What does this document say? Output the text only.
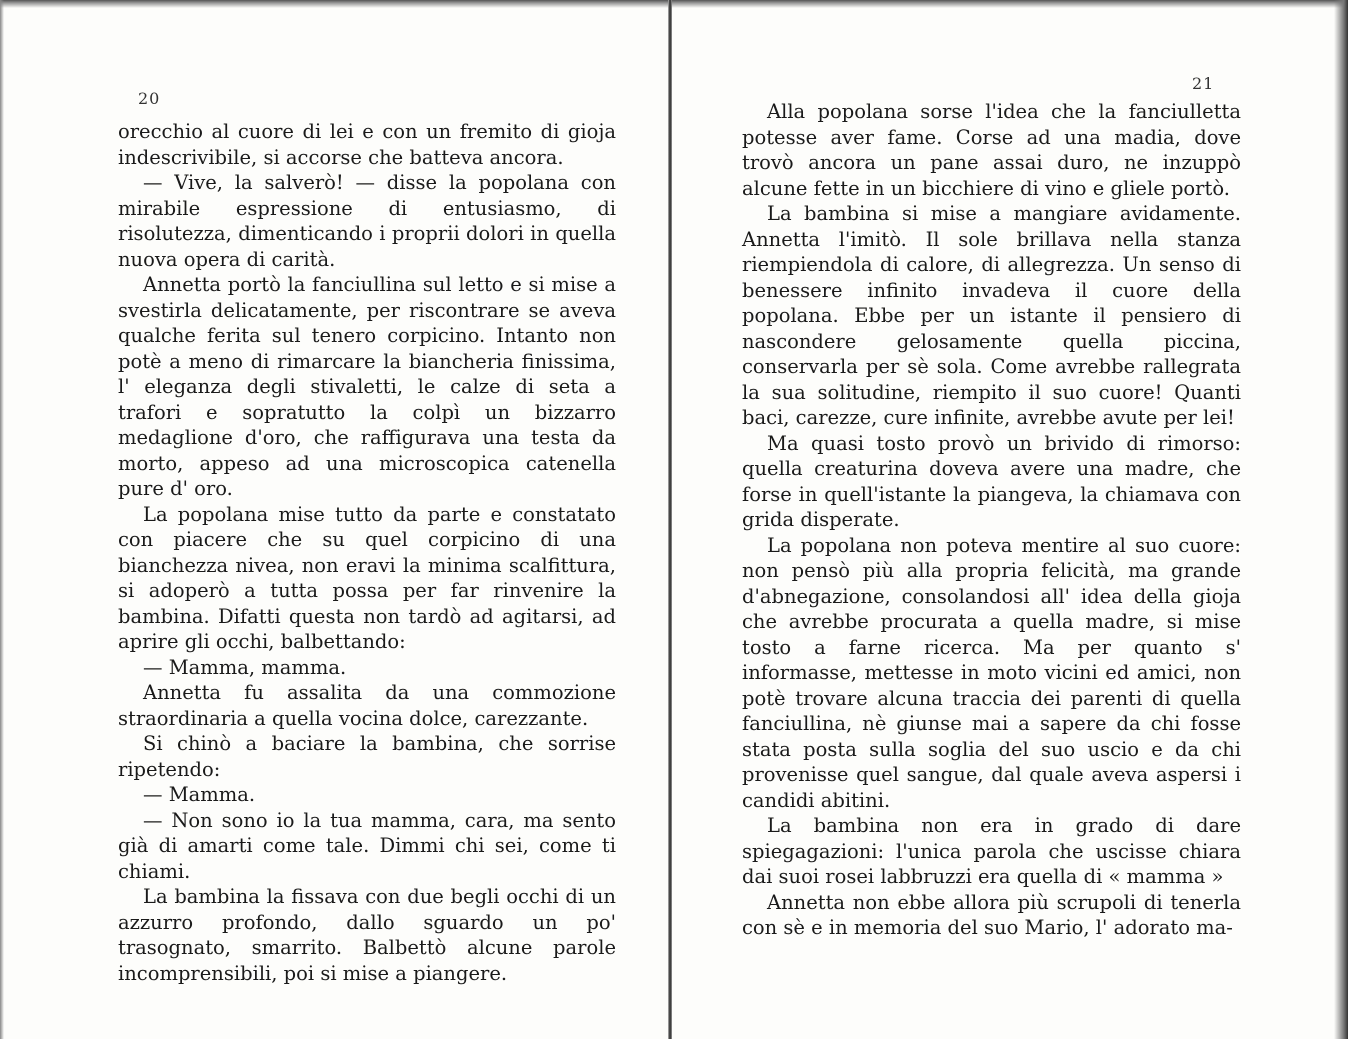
20

orecchio al cuore di lei e con un fremito di gioja indescrivibile, si accorse che batteva ancora.

— Vive, la salverò! — disse la popolana con mirabile espressione di entusiasmo, di risolutezza, dimenticando i proprii dolori in quella nuova opera di carità.

Annetta portò la fanciullina sul letto e si mise a svestirla delicatamente, per riscontrare se aveva qualche ferita sul tenero corpicino. Intanto non potè a meno di rimarcare la biancheria finissima, l' eleganza degli stivaletti, le calze di seta a trafori e sopratutto la colpì un bizzarro medaglione d'oro, che raffigurava una testa da morto, appeso ad una microscopica catenella pure d' oro.

La popolana mise tutto da parte e constatato con piacere che su quel corpicino di una bianchezza nivea, non eravi la minima scalfittura, si adoperò a tutta possa per far rinvenire la bambina. Difatti questa non tardò ad agitarsi, ad aprire gli occhi, balbettando:

— Mamma, mamma.

Annetta fu assalita da una commozione straordinaria a quella vocina dolce, carezzante.

Si chinò a baciare la bambina, che sorrise ripetendo:

— Mamma.

— Non sono io la tua mamma, cara, ma sento già di amarti come tale. Dimmi chi sei, come ti chiami.

La bambina la fissava con due begli occhi di un azzurro profondo, dallo sguardo un po' trasognato, smarrito. Balbettò alcune parole incomprensibili, poi si mise a piangere.

21

Alla popolana sorse l'idea che la fanciulletta potesse aver fame. Corse ad una madia, dove trovò ancora un pane assai duro, ne inzuppò alcune fette in un bicchiere di vino e gliele portò.

La bambina si mise a mangiare avidamente. Annetta l'imitò. Il sole brillava nella stanza riempiendola di calore, di allegrezza. Un senso di benessere infinito invadeva il cuore della popolana. Ebbe per un istante il pensiero di nascondere gelosamente quella piccina, conservarla per sè sola. Come avrebbe rallegrata la sua solitudine, riempito il suo cuore! Quanti baci, carezze, cure infinite, avrebbe avute per lei!

Ma quasi tosto provò un brivido di rimorso: quella creaturina doveva avere una madre, che forse in quell'istante la piangeva, la chiamava con grida disperate.

La popolana non poteva mentire al suo cuore: non pensò più alla propria felicità, ma grande d'abnegazione, consolandosi all' idea della gioja che avrebbe procurata a quella madre, si mise tosto a farne ricerca. Ma per quanto s' informasse, mettesse in moto vicini ed amici, non potè trovare alcuna traccia dei parenti di quella fanciullina, nè giunse mai a sapere da chi fosse stata posta sulla soglia del suo uscio e da chi provenisse quel sangue, dal quale aveva aspersi i candidi abitini.

La bambina non era in grado di dare spiegagazioni: l'unica parola che uscisse chiara dai suoi rosei labbruzzi era quella di « mamma »

Annetta non ebbe allora più scrupoli di tenerla con sè e in memoria del suo Mario, l' adorato ma-
